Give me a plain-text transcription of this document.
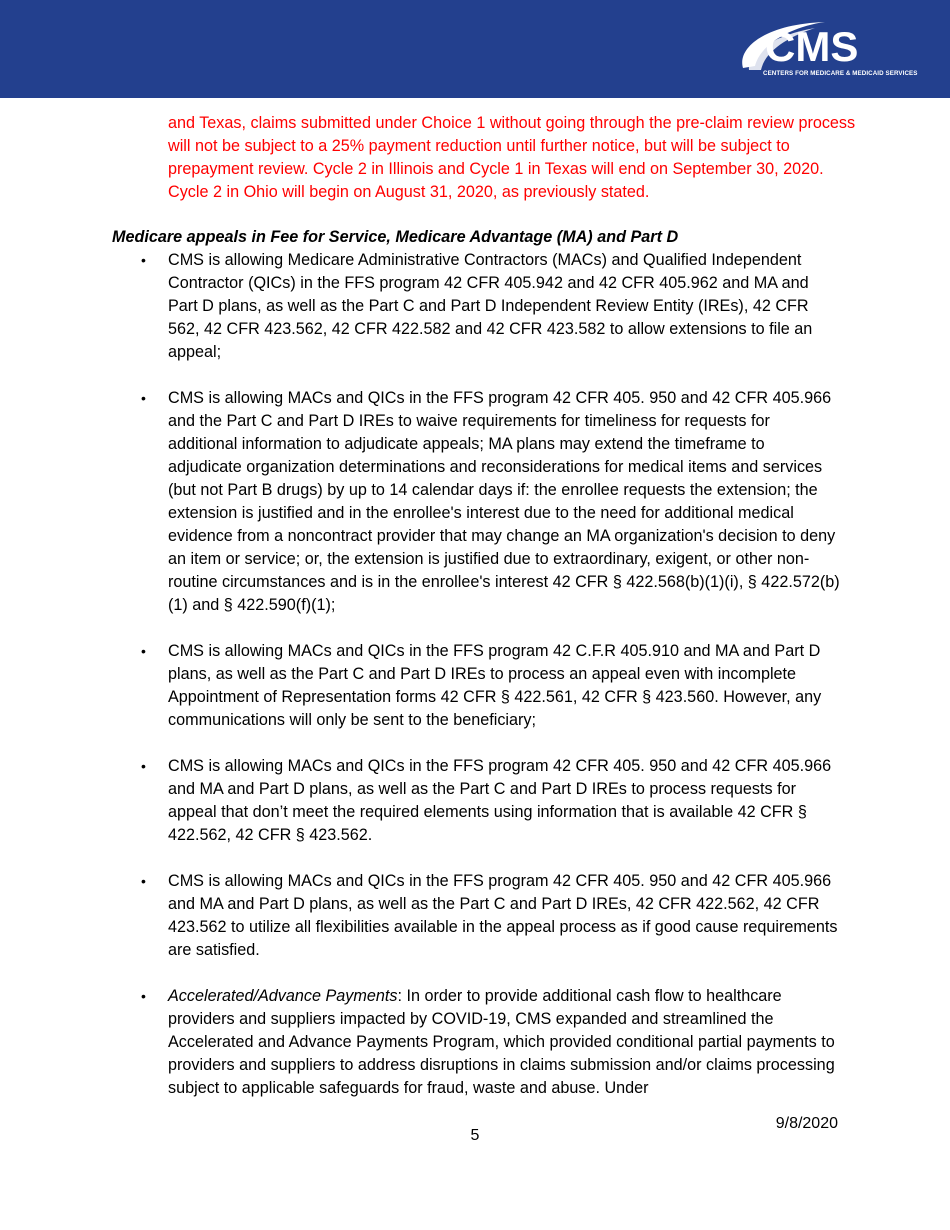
CMS
CENTERS FOR MEDICARE & MEDICAID SERVICES

and Texas, claims submitted under Choice 1 without going through the pre-claim review process will not be subject to a 25% payment reduction until further notice, but will be subject to prepayment review. Cycle 2 in Illinois and Cycle 1 in Texas will end on September 30, 2020. Cycle 2 in Ohio will begin on August 31, 2020, as previously stated.

Medicare appeals in Fee for Service, Medicare Advantage (MA) and Part D
• CMS is allowing Medicare Administrative Contractors (MACs) and Qualified Independent Contractor (QICs) in the FFS program 42 CFR 405.942 and 42 CFR 405.962 and MA and Part D plans, as well as the Part C and Part D Independent Review Entity (IREs), 42 CFR 562, 42 CFR 423.562, 42 CFR 422.582 and 42 CFR 423.582 to allow extensions to file an appeal;
• CMS is allowing MACs and QICs in the FFS program 42 CFR 405. 950 and 42 CFR 405.966 and the Part C and Part D IREs to waive requirements for timeliness for requests for additional information to adjudicate appeals; MA plans may extend the timeframe to adjudicate organization determinations and reconsiderations for medical items and services (but not Part B drugs) by up to 14 calendar days if: the enrollee requests the extension; the extension is justified and in the enrollee's interest due to the need for additional medical evidence from a noncontract provider that may change an MA organization's decision to deny an item or service; or, the extension is justified due to extraordinary, exigent, or other non-routine circumstances and is in the enrollee's interest 42 CFR § 422.568(b)(1)(i), § 422.572(b)(1) and § 422.590(f)(1);
• CMS is allowing MACs and QICs in the FFS program 42 C.F.R 405.910 and MA and Part D plans, as well as the Part C and Part D IREs to process an appeal even with incomplete Appointment of Representation forms 42 CFR § 422.561, 42 CFR § 423.560. However, any communications will only be sent to the beneficiary;
• CMS is allowing MACs and QICs in the FFS program 42 CFR 405. 950 and 42 CFR 405.966 and MA and Part D plans, as well as the Part C and Part D IREs to process requests for appeal that don’t meet the required elements using information that is available 42 CFR § 422.562, 42 CFR § 423.562.
• CMS is allowing MACs and QICs in the FFS program 42 CFR 405. 950 and 42 CFR 405.966 and MA and Part D plans, as well as the Part C and Part D IREs, 42 CFR 422.562, 42 CFR 423.562 to utilize all flexibilities available in the appeal process as if good cause requirements are satisfied.
• Accelerated/Advance Payments: In order to provide additional cash flow to healthcare providers and suppliers impacted by COVID-19, CMS expanded and streamlined the Accelerated and Advance Payments Program, which provided conditional partial payments to providers and suppliers to address disruptions in claims submission and/or claims processing subject to applicable safeguards for fraud, waste and abuse. Under
9/8/2020
5
